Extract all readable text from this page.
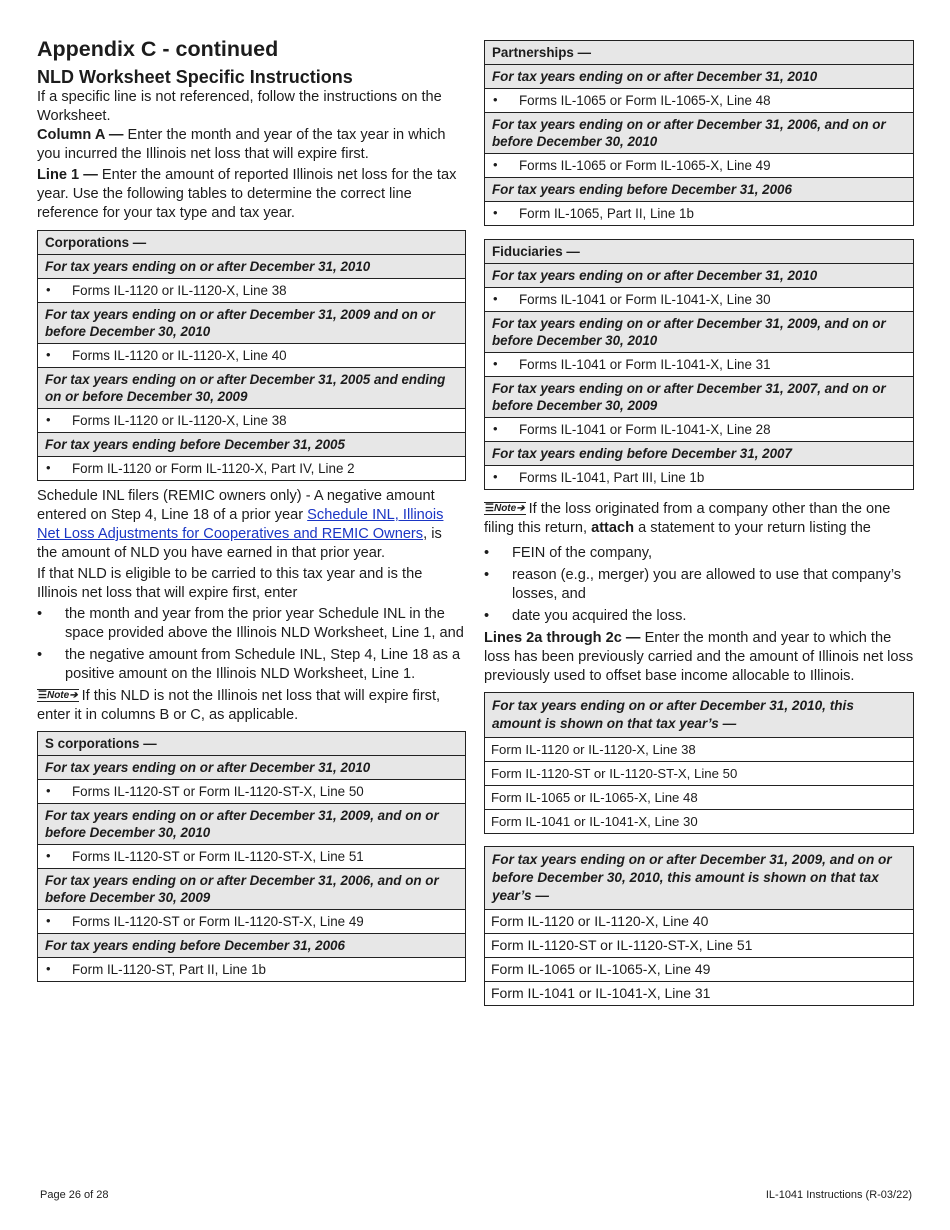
Appendix C - continued
NLD Worksheet Specific Instructions

If a specific line is not referenced, follow the instructions on the Worksheet.

Column A — Enter the month and year of the tax year in which you incurred the Illinois net loss that will expire first.

Line 1 — Enter the amount of reported Illinois net loss for the tax year. Use the following tables to determine the correct line reference for your tax type and tax year.

Corporations —
For tax years ending on or after December 31, 2010

• Forms IL-1120 or IL-1120-X, Line 38
For tax years ending on or after December 31, 2009 and on or before December 30, 2010

• Forms IL-1120 or IL-1120-X, Line 40
For tax years ending on or after December 31, 2005 and ending on or before December 30, 2009

• Forms IL-1120 or IL-1120-X, Line 38
For tax years ending before December 31, 2005

• Form IL-1120 or Form IL-1120-X, Part IV, Line 2

Schedule INL filers (REMIC owners only) - A negative amount entered on Step 4, Line 18 of a prior year Schedule INL, Illinois Net Loss Adjustments for Cooperatives and REMIC Owners, is the amount of NLD you have earned in that prior year.

If that NLD is eligible to be carried to this tax year and is the Illinois net loss that will expire first, enter

• the month and year from the prior year Schedule INL in the space provided above the Illinois NLD Worksheet, Line 1, and
• the negative amount from Schedule INL, Step 4, Line 18 as a positive amount on the Illinois NLD Worksheet, Line 1.

☰Note➔ If this NLD is not the Illinois net loss that will expire first, enter it in columns B or C, as applicable.

S corporations —
For tax years ending on or after December 31, 2010

• Forms IL-1120-ST or Form IL-1120-ST-X, Line 50
For tax years ending on or after December 31, 2009, and on or before December 30, 2010

• Forms IL-1120-ST or Form IL-1120-ST-X, Line 51
For tax years ending on or after December 31, 2006, and on or before December 30, 2009

• Forms IL-1120-ST or Form IL-1120-ST-X, Line 49
For tax years ending before December 31, 2006

• Form IL-1120-ST, Part II, Line 1b
Partnerships —
For tax years ending on or after December 31, 2010

• Forms IL-1065 or Form IL-1065-X, Line 48
For tax years ending on or after December 31, 2006, and on or before December 30, 2010

• Forms IL-1065 or Form IL-1065-X, Line 49
For tax years ending before December 31, 2006

• Form IL-1065, Part II, Line 1b
Fiduciaries —
For tax years ending on or after December 31, 2010

• Forms IL-1041 or Form IL-1041-X, Line 30
For tax years ending on or after December 31, 2009, and on or before December 30, 2010

• Forms IL-1041 or Form IL-1041-X, Line 31
For tax years ending on or after December 31, 2007, and on or before December 30, 2009

• Forms IL-1041 or Form IL-1041-X, Line 28
For tax years ending before December 31, 2007

• Forms IL-1041, Part III, Line 1b

☰Note➔ If the loss originated from a company other than the one filing this return, attach a statement to your return listing the

• FEIN of the company,
• reason (e.g., merger) you are allowed to use that company’s losses, and
• date you acquired the loss.

Lines 2a through 2c — Enter the month and year to which the loss has been previously carried and the amount of Illinois net loss previously used to offset base income allocable to Illinois.

For tax years ending on or after December 31, 2010, this amount is shown on that tax year’s —
Form IL-1120 or IL-1120-X, Line 38
Form IL-1120-ST or IL-1120-ST-X, Line 50
Form IL-1065 or IL-1065-X, Line 48
Form IL-1041 or IL-1041-X, Line 30
For tax years ending on or after December 31, 2009, and on or before December 30, 2010, this amount is shown on that tax year’s —
Form IL-1120 or IL-1120-X, Line 40
Form IL-1120-ST or IL-1120-ST-X, Line 51
Form IL-1065 or IL-1065-X, Line 49
Form IL-1041 or IL-1041-X, Line 31
Page 26 of 28	IL-1041 Instructions (R-03/22)
